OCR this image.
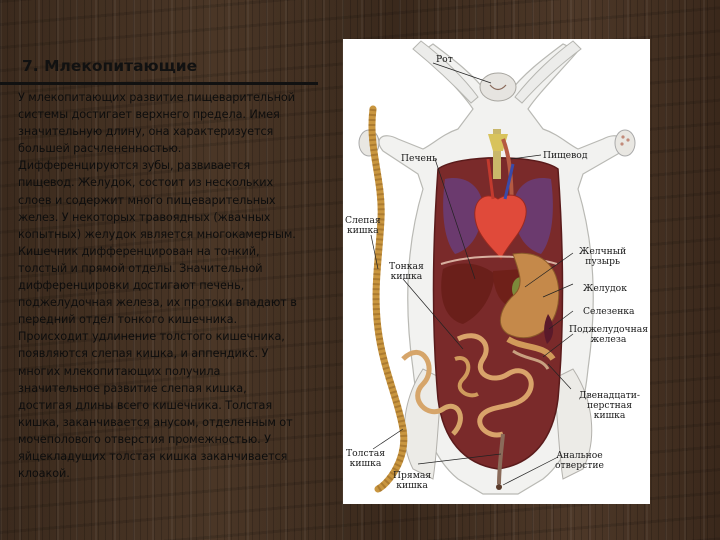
7. Млекопитающие
У млекопитающих развитие пищеварительной
системы достигает верхнего предела. Имея
значительную длину, она характеризуется
большей расчлененностью.
Дифференцируются зубы, развивается
пищевод. Желудок, состоит из нескольких
слоев и содержит много пищеварительных
желез. У некоторых травоядных (жвачных
копытных) желудок является многокамерным.
Кишечник дифференцирован на тонкий,
толстый и прямой отделы. Значительной
дифференцировки достигают печень,
поджелудочная железа, их протоки впадают в
передний отдел тонкого кишечника.
Происходит удлинение толстого кишечника,
появляются слепая кишка, и аппендикс. У
многих млекопитающих получила
значительное развитие слепая кишка,
достигая длины всего кишечника. Толстая
кишка, заканчивается анусом, отделенным от
мочеполового отверстия промежностью. У
яйцекладущих толстая кишка заканчивается
клоакой.
Рот
Пищевод
Печень
Слепая
кишка
Тонкая
кишка
Желчный
пузырь
Желудок
Селезенка
Поджелудочная
железа
Двенадцати-
перстная
кишка
Толстая
кишка
Прямая
кишка
Анальное
отверстие
